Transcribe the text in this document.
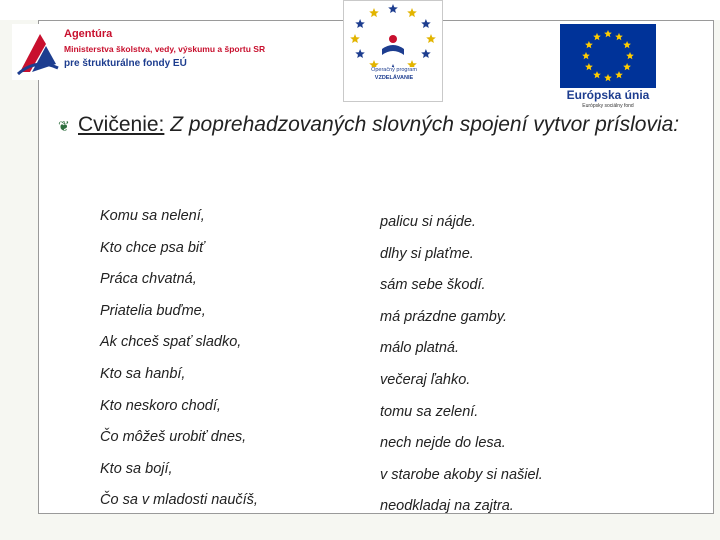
Agentúra
Ministerstva školstva, vedy, výskumu a športu SR
pre štrukturálne fondy EÚ
Operačný program
VZDELÁVANIE
Európska únia
Európsky sociálny fond
❦ Cvičenie: Z poprehadzovaných slovných spojení vytvor príslovia:
Komu sa nelení,	palicu si nájde.
Kto chce psa biť	dlhy si plaťme.
Práca chvatná,	sám sebe škodí.
Priatelia buďme,	má prázdne gamby.
Ak chceš spať sladko,	málo platná.
Kto sa hanbí,	večeraj ľahko.
Kto neskoro chodí,	tomu sa zelení.
Čo môžeš urobiť dnes,	nech nejde do lesa.
Kto sa bojí,	v starobe akoby si našiel.
Čo sa v mladosti naučíš,	neodkladaj na zajtra.
